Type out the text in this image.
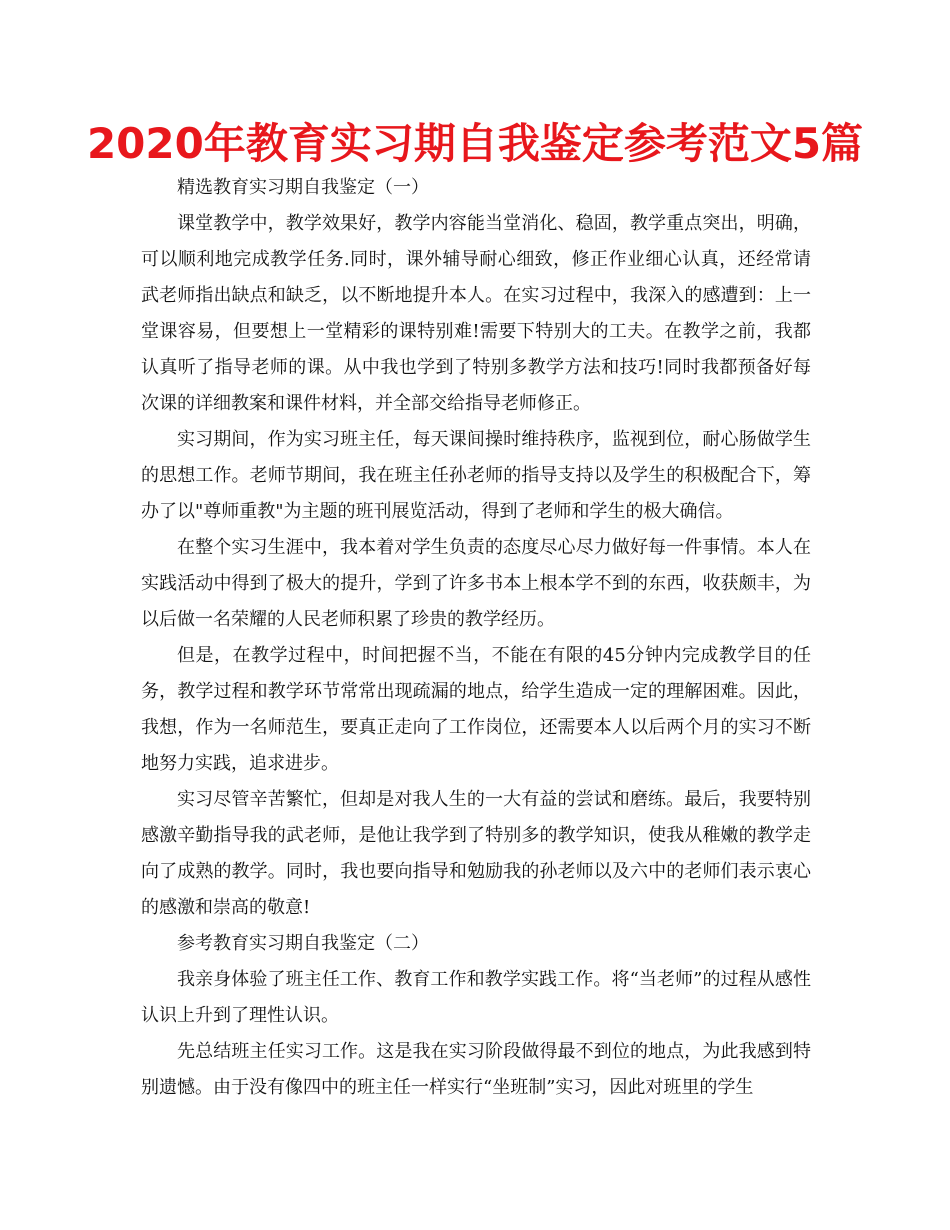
2020年教育实习期自我鉴定参考范文5篇

精选教育实习期自我鉴定（一）

课堂教学中，教学效果好，教学内容能当堂消化、稳固，教学重点突出，明确，可以顺利地完成教学任务.同时，课外辅导耐心细致，修正作业细心认真，还经常请武老师指出缺点和缺乏，以不断地提升本人。在实习过程中，我深入的感遭到：上一堂课容易，但要想上一堂精彩的课特别难!需要下特别大的工夫。在教学之前，我都认真听了指导老师的课。从中我也学到了特别多教学方法和技巧!同时我都预备好每次课的详细教案和课件材料，并全部交给指导老师修正。

实习期间，作为实习班主任，每天课间操时维持秩序，监视到位，耐心肠做学生的思想工作。老师节期间，我在班主任孙老师的指导支持以及学生的积极配合下，筹办了以"尊师重教"为主题的班刊展览活动，得到了老师和学生的极大确信。

在整个实习生涯中，我本着对学生负责的态度尽心尽力做好每一件事情。本人在实践活动中得到了极大的提升，学到了许多书本上根本学不到的东西，收获颇丰，为以后做一名荣耀的人民老师积累了珍贵的教学经历。

但是，在教学过程中，时间把握不当，不能在有限的45分钟内完成教学目的任务，教学过程和教学环节常常出现疏漏的地点，给学生造成一定的理解困难。因此，我想，作为一名师范生，要真正走向了工作岗位，还需要本人以后两个月的实习不断地努力实践，追求进步。

实习尽管辛苦繁忙，但却是对我人生的一大有益的尝试和磨练。最后，我要特别感激辛勤指导我的武老师，是他让我学到了特别多的教学知识，使我从稚嫩的教学走向了成熟的教学。同时，我也要向指导和勉励我的孙老师以及六中的老师们表示衷心的感激和崇高的敬意!

参考教育实习期自我鉴定（二）

我亲身体验了班主任工作、教育工作和教学实践工作。将“当老师”的过程从感性认识上升到了理性认识。

先总结班主任实习工作。这是我在实习阶段做得最不到位的地点，为此我感到特别遗憾。由于没有像四中的班主任一样实行“坐班制”实习，因此对班里的学生
